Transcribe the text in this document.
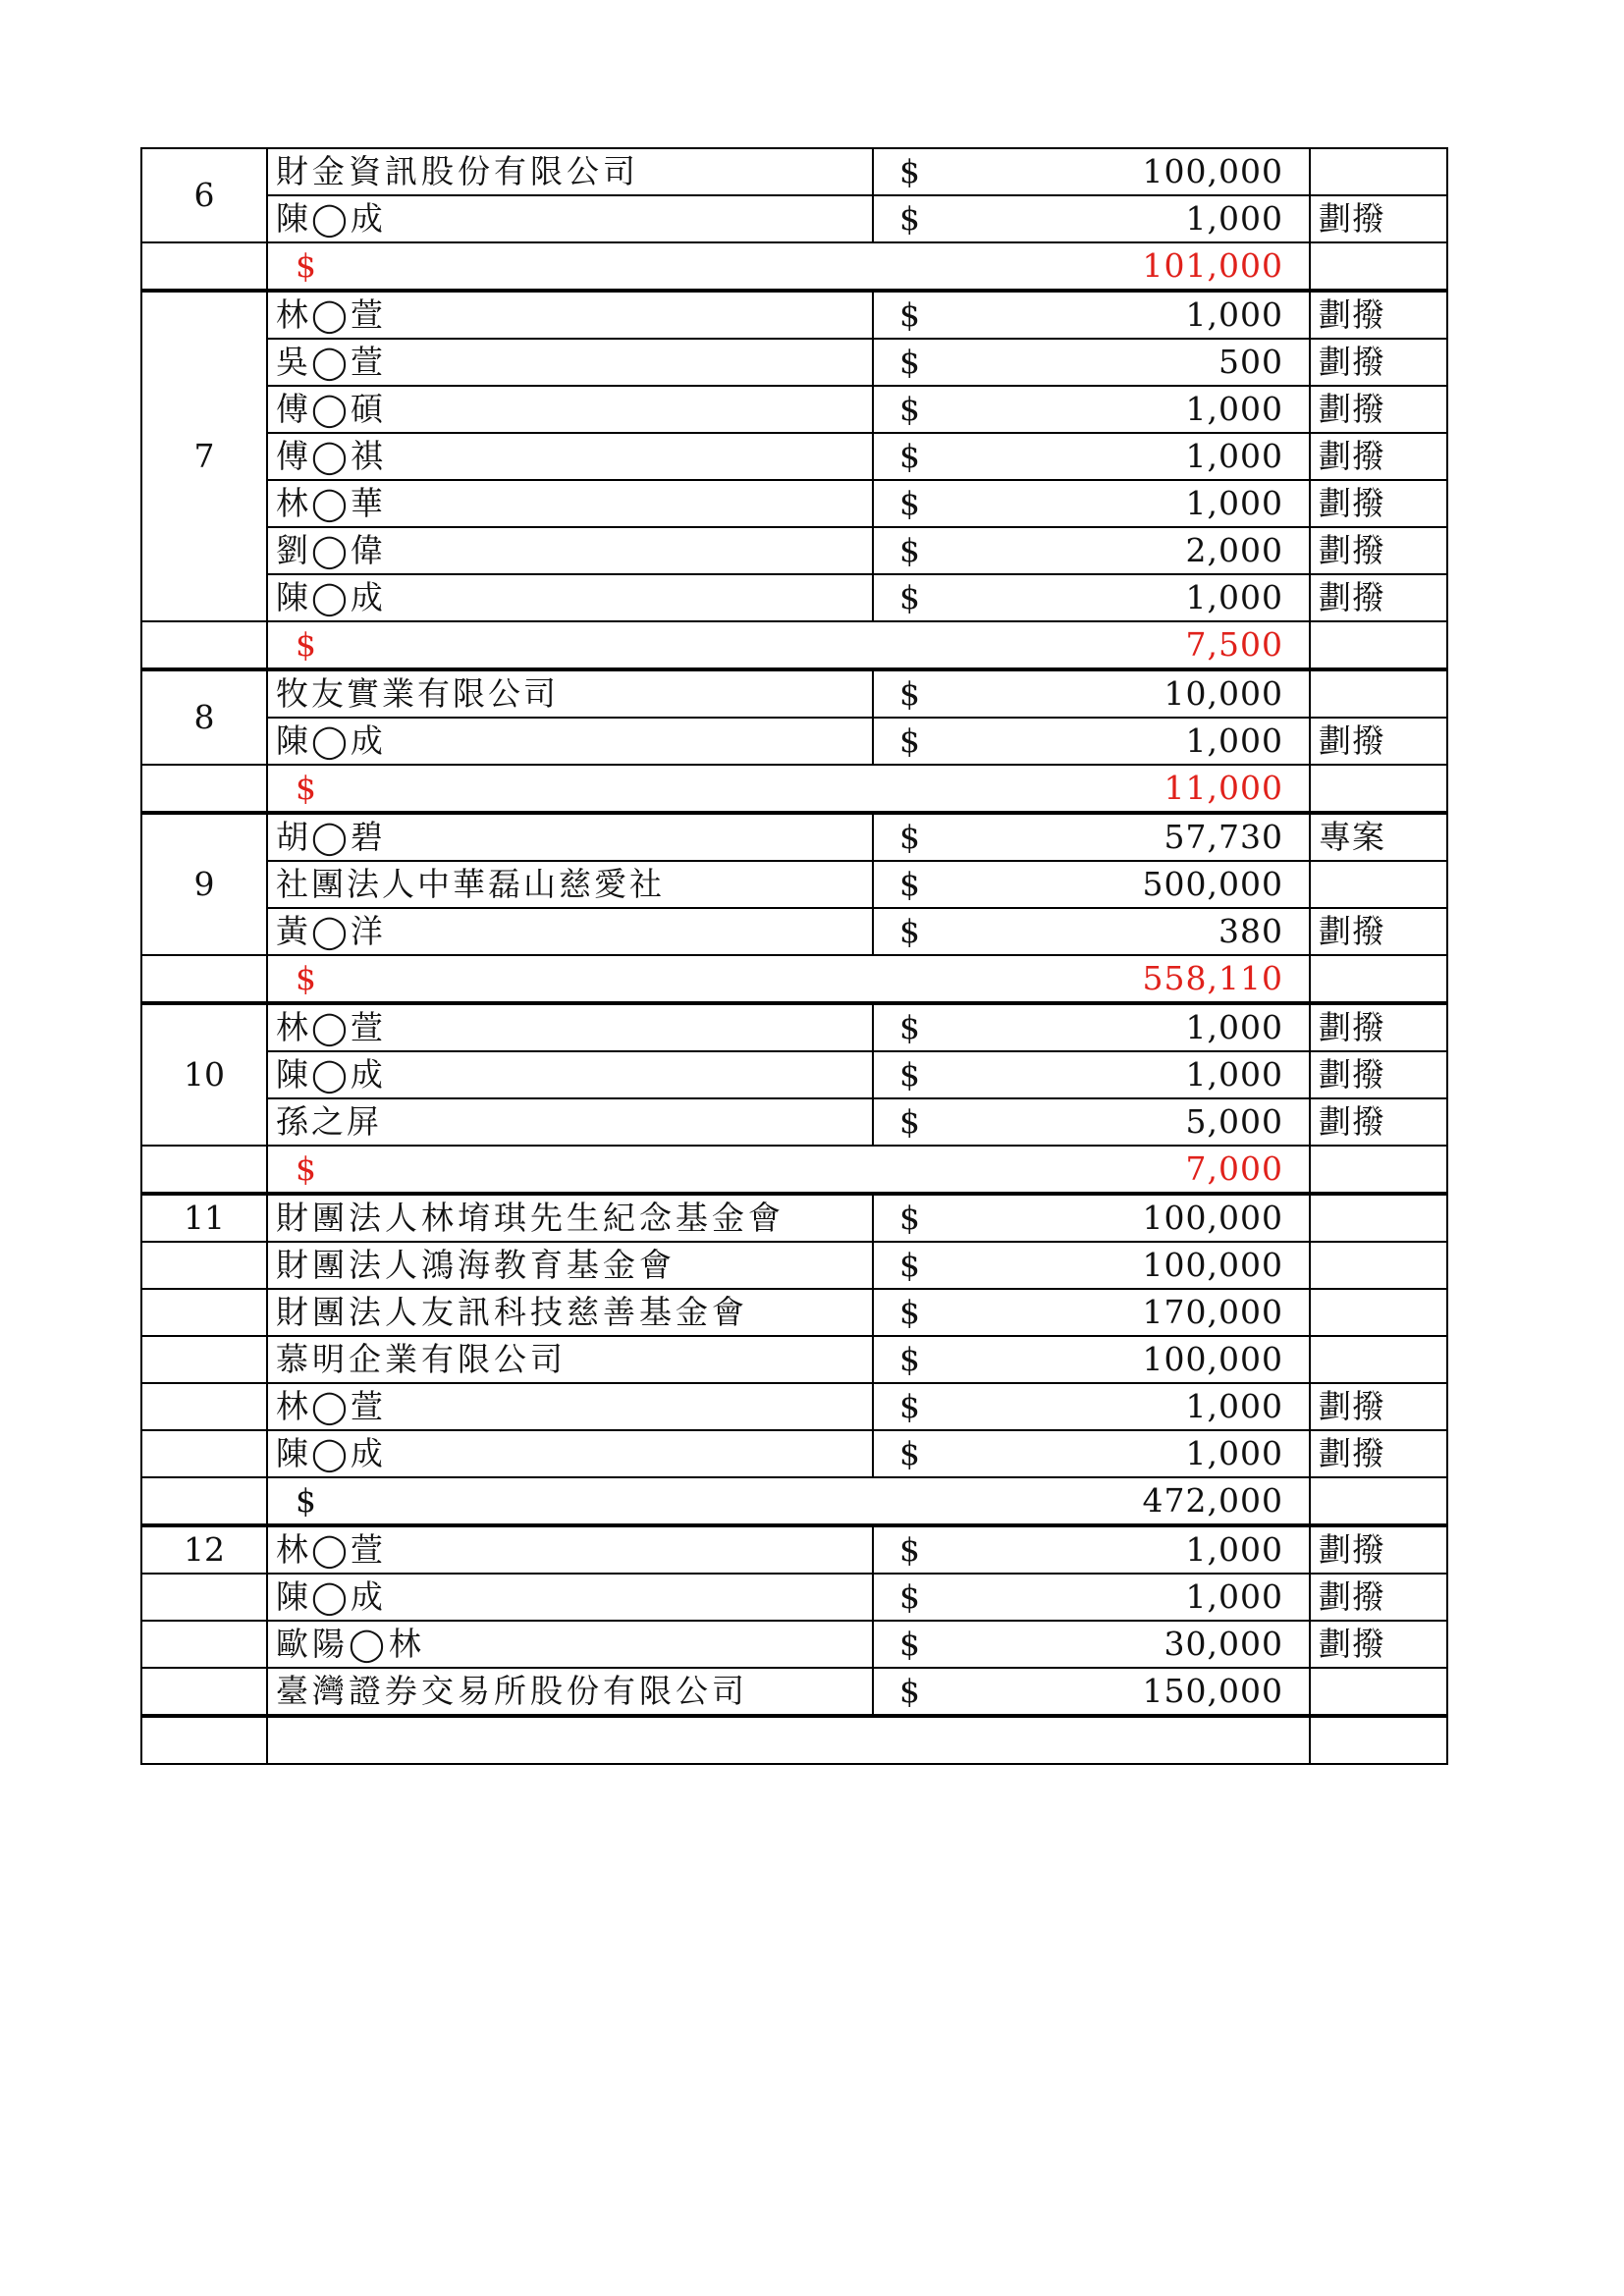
6	財金資訊股份有限公司	$ 100,000	

	陳◯成	$ 1,000	劃撥

	$ 101,000		

7	林◯萱	$ 1,000	劃撥
	吳◯萱	$ 500	劃撥
	傅◯碩	$ 1,000	劃撥
	傅◯祺	$ 1,000	劃撥
	林◯華	$ 1,000	劃撥
	劉◯偉	$ 2,000	劃撥
	陳◯成	$ 1,000	劃撥

	$ 7,500		

8	牧友實業有限公司	$ 10,000	

	陳◯成	$ 1,000	劃撥

	$ 11,000		

9	胡◯碧	$ 57,730	專案
	社團法人中華磊山慈愛社	$ 500,000	

	黃◯洋	$ 380	劃撥

	$ 558,110		

10	林◯萱	$ 1,000	劃撥
	陳◯成	$ 1,000	劃撥
	孫之屏	$ 5,000	劃撥

	$ 7,000		

11	財團法人林堉琪先生紀念基金會	$ 100,000	

	財團法人鴻海教育基金會	$ 100,000	

	財團法人友訊科技慈善基金會	$ 170,000	

	慕明企業有限公司	$ 100,000	

	林◯萱	$ 1,000	劃撥
	陳◯成	$ 1,000	劃撥

	$ 472,000		

12	林◯萱	$ 1,000	劃撥
	陳◯成	$ 1,000	劃撥
	歐陽◯林	$ 30,000	劃撥
	臺灣證券交易所股份有限公司	$ 150,000	
